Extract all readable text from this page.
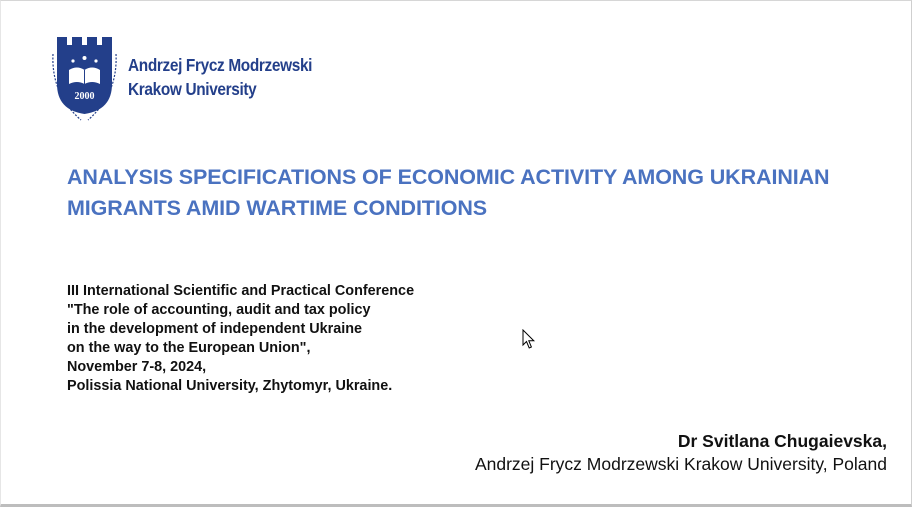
2000
Andrzej Frycz Modrzewski
Krakow University
ANALYSIS SPECIFICATIONS OF ECONOMIC ACTIVITY AMONG UKRAINIAN
MIGRANTS AMID WARTIME CONDITIONS
III International Scientific and Practical Conference
"The role of accounting, audit and tax policy
in the development of independent Ukraine
on the way to the European Union",
November 7-8, 2024,
Polissia National University, Zhytomyr, Ukraine.
Dr Svitlana Chugaievska,
Andrzej Frycz Modrzewski Krakow University, Poland
